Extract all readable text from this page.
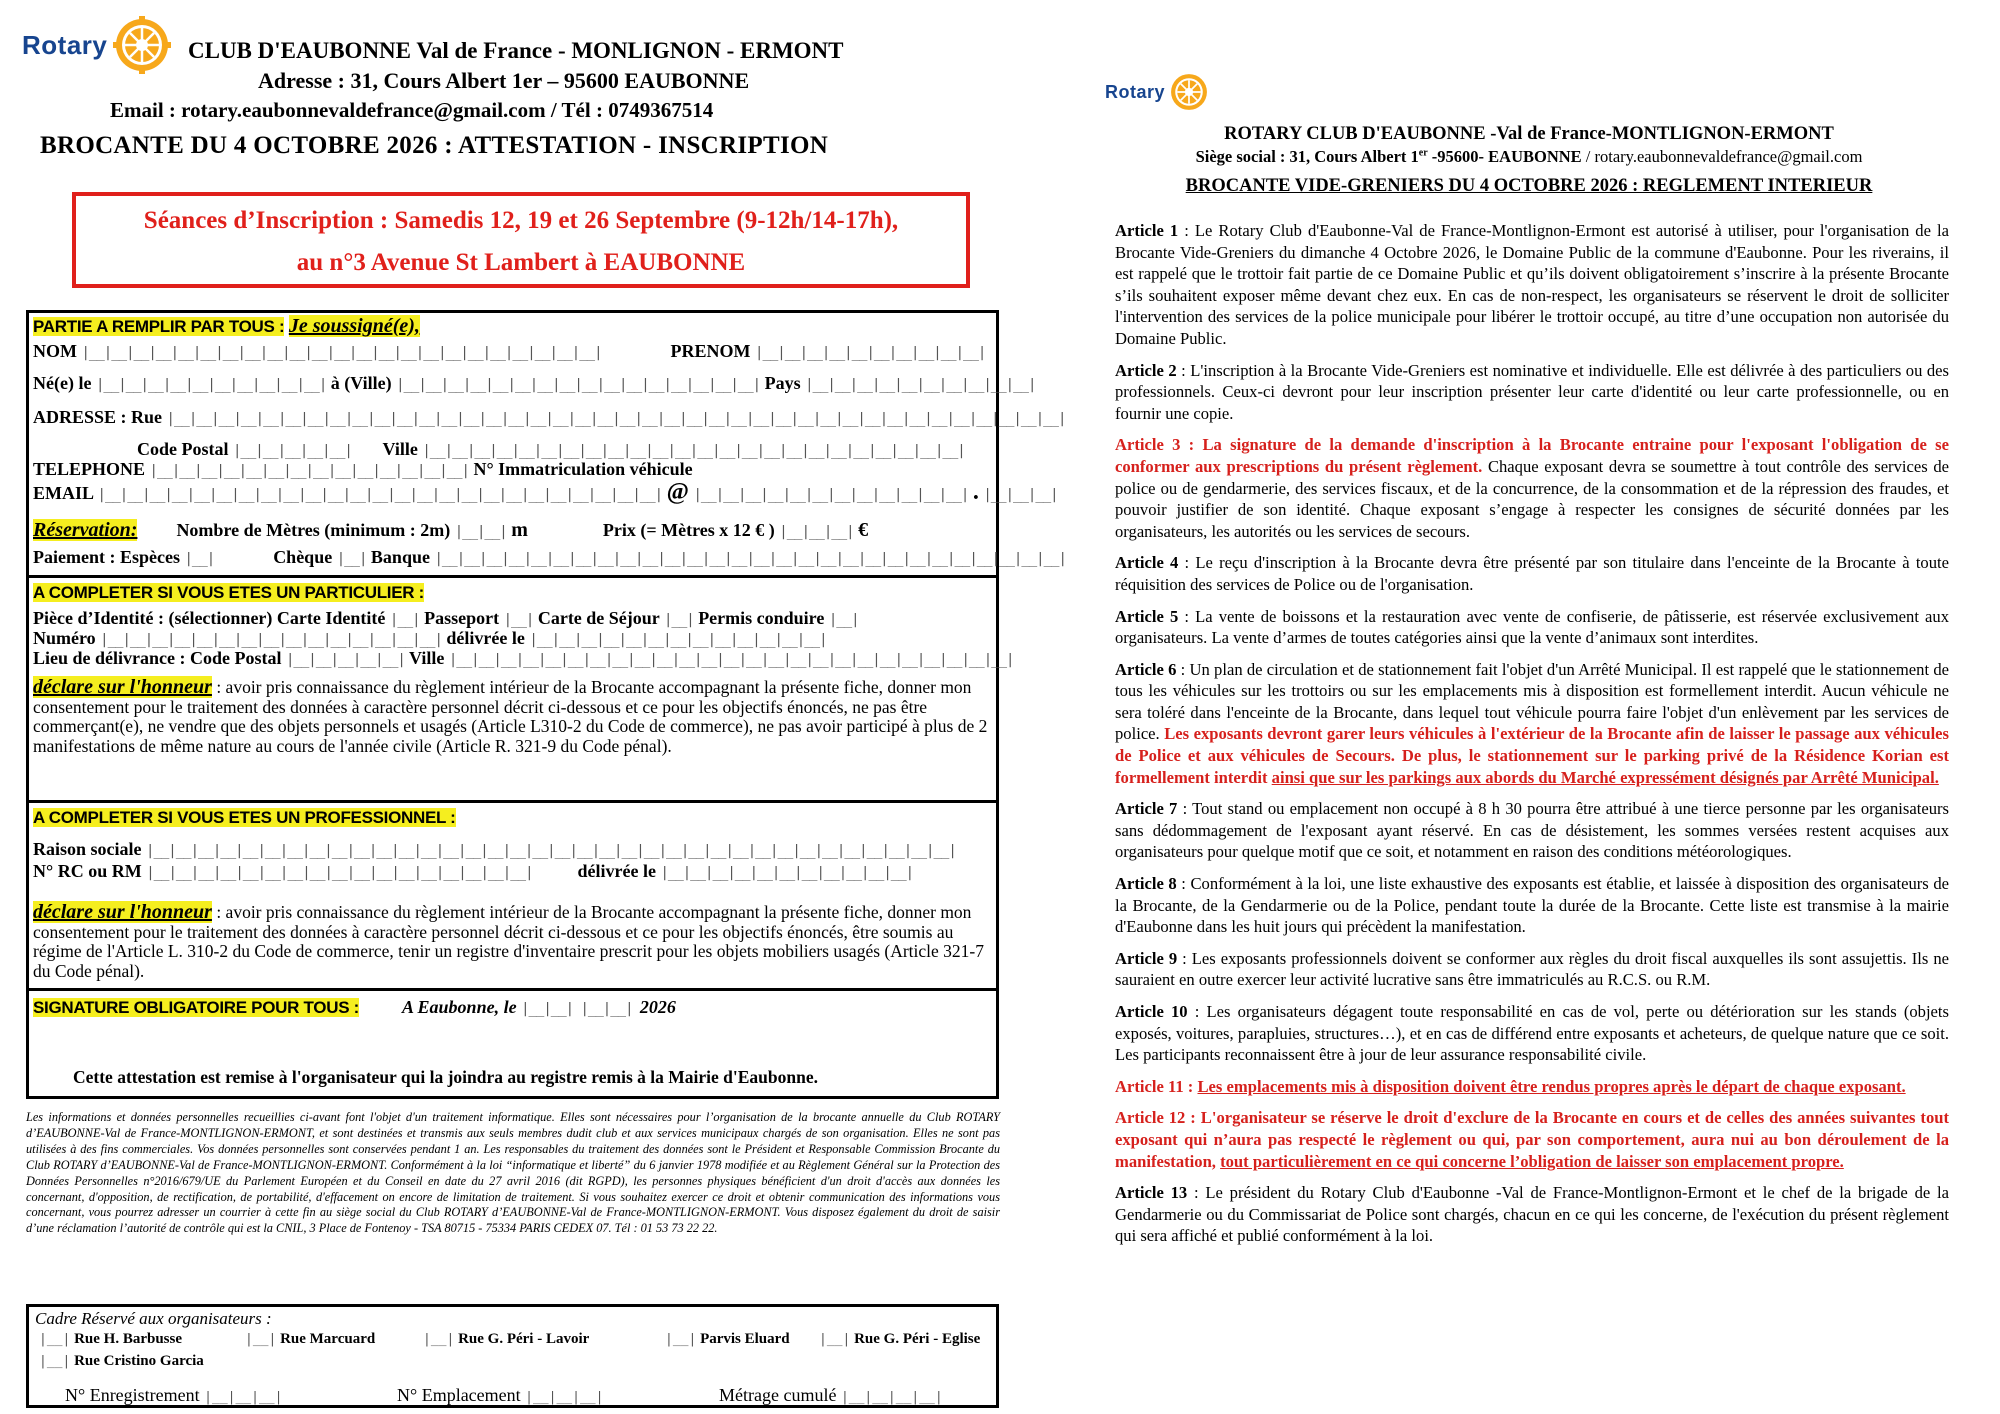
Rotary	CLUB D'EAUBONNE Val de France - MONLIGNON - ERMONT
Adresse : 31, Cours Albert 1er – 95600 EAUBONNE
Email : rotary.eaubonnevaldefrance@gmail.com / Tél : 0749367514
BROCANTE DU 4 OCTOBRE 2026 : ATTESTATION - INSCRIPTION
Séances d’Inscription : Samedis 12, 19 et 26 Septembre (9-12h/14-17h),
au n°3 Avenue St Lambert à EAUBONNE
PARTIE A REMPLIR PAR TOUS : Je soussigné(e),
NOM |__|__|__|__|__|__|__|__|__|__|__|__|__|__|__|__|__|__|__|__|__|__|__|	PRENOM |__|__|__|__|__|__|__|__|__|__|
Né(e) le |__|__|__|__|__|__|__|__|__|__| à (Ville) |__|__|__|__|__|__|__|__|__|__|__|__|__|__|__|__| Pays |__|__|__|__|__|__|__|__|__|__|
ADRESSE : Rue |__|__|__|__|__|__|__|__|__|__|__|__|__|__|__|__|__|__|__|__|__|__|__|__|__|__|__|__|__|__|__|__|__|__|__|__|__|__|__|__|
Code Postal |__|__|__|__|__| Ville |__|__|__|__|__|__|__|__|__|__|__|__|__|__|__|__|__|__|__|__|__|__|__|__|
TELEPHONE |__|__|__|__|__|__|__|__|__|__|__|__|__|__| N° Immatriculation véhicule
EMAIL |__|__|__|__|__|__|__|__|__|__|__|__|__|__|__|__|__|__|__|__|__|__|__|__|__| @ |__|__|__|__|__|__|__|__|__|__|__|__| . |__|__|__|
Réservation: Nombre de Mètres (minimum : 2m) |__|__| m	Prix (= Mètres x 12 € ) |__|__|__| €
Paiement : Espèces |__|	Chèque |__| Banque |__|__|__|__|__|__|__|__|__|__|__|__|__|__|__|__|__|__|__|__|__|__|__|__|__|__|__|__|
A COMPLETER SI VOUS ETES UN PARTICULIER :
Pièce d’Identité : (sélectionner) Carte Identité |__| Passeport |__| Carte de Séjour |__| Permis conduire |__|
Numéro |__|__|__|__|__|__|__|__|__|__|__|__|__|__|__| délivrée le |__|__|__|__|__|__|__|__|__|__|__|__|__|
Lieu de délivrance : Code Postal |__|__|__|__|__| Ville |__|__|__|__|__|__|__|__|__|__|__|__|__|__|__|__|__|__|__|__|__|__|__|__|__|
déclare sur l'honneur : avoir pris connaissance du règlement intérieur de la Brocante accompagnant la présente fiche, donner mon consentement pour le traitement des données à caractère personnel décrit ci-dessous et ce pour les objectifs énoncés, ne pas être commerçant(e), ne vendre que des objets personnels et usagés (Article L310-2 du Code de commerce), ne pas avoir participé à plus de 2 manifestations de même nature au cours de l'année civile (Article R. 321-9 du Code pénal).
A COMPLETER SI VOUS ETES UN PROFESSIONNEL :
Raison sociale |__|__|__|__|__|__|__|__|__|__|__|__|__|__|__|__|__|__|__|__|__|__|__|__|__|__|__|__|__|__|__|__|__|__|__|__|
N° RC ou RM |__|__|__|__|__|__|__|__|__|__|__|__|__|__|__|__|__|	délivrée le |__|__|__|__|__|__|__|__|__|__|__|
déclare sur l'honneur : avoir pris connaissance du règlement intérieur de la Brocante accompagnant la présente fiche, donner mon consentement pour le traitement des données à caractère personnel décrit ci-dessous et ce pour les objectifs énoncés, être soumis au régime de l'Article L. 310-2 du Code de commerce, tenir un registre d'inventaire prescrit pour les objets mobiliers usagés (Article 321-7 du Code pénal).
SIGNATURE OBLIGATOIRE POUR TOUS : A Eaubonne, le |__|__| |__|__| 2026
Cette attestation est remise à l'organisateur qui la joindra au registre remis à la Mairie d'Eaubonne.
Les informations et données personnelles recueillies ci-avant font l'objet d'un traitement informatique. Elles sont nécessaires pour l’organisation de la brocante annuelle du Club ROTARY d’EAUBONNE-Val de France-MONTLIGNON-ERMONT, et sont destinées et transmis aux seuls membres dudit club et aux services municipaux chargés de son organisation. Elles ne sont pas utilisées à des fins commerciales. Vos données personnelles sont conservées pendant 1 an. Les responsables du traitement des données sont le Président et Responsable Commission Brocante du Club ROTARY d’EAUBONNE-Val de France-MONTLIGNON-ERMONT. Conformément à la loi “informatique et liberté” du 6 janvier 1978 modifiée et au Règlement Général sur la Protection des Données Personnelles n°2016/679/UE du Parlement Européen et du Conseil en date du 27 avril 2016 (dit RGPD), les personnes physiques bénéficient d'un droit d'accès aux données les concernant, d'opposition, de rectification, de portabilité, d'effacement on encore de limitation de traitement. Si vous souhaitez exercer ce droit et obtenir communication des informations vous concernant, vous pourrez adresser un courrier à cette fin au siège social du Club ROTARY d’EAUBONNE-Val de France-MONTLIGNON-ERMONT. Vous disposez également du droit de saisir d’une réclamation l’autorité de contrôle qui est la CNIL, 3 Place de Fontenoy - TSA 80715 - 75334 PARIS CEDEX 07. Tél : 01 53 73 22 22.
Cadre Réservé aux organisateurs :
|__| Rue H. Barbusse	|__| Rue Marcuard	|__| Rue G. Péri - Lavoir	|__| Parvis Eluard |__| Rue G. Péri - Eglise
|__| Rue Cristino Garcia
N° Enregistrement |__|__|__|	N° Emplacement |__|__|__|	Métrage cumulé |__|__|__|__|
Rotary
ROTARY CLUB D'EAUBONNE -Val de France-MONTLIGNON-ERMONT
Siège social : 31, Cours Albert 1er -95600- EAUBONNE / rotary.eaubonnevaldefrance@gmail.com
BROCANTE VIDE-GRENIERS DU 4 OCTOBRE 2026 : REGLEMENT INTERIEUR

Article 1 : Le Rotary Club d'Eaubonne-Val de France-Montlignon-Ermont est autorisé à utiliser, pour l'organisation de la Brocante Vide-Greniers du dimanche 4 Octobre 2026, le Domaine Public de la commune d'Eaubonne. Pour les riverains, il est rappelé que le trottoir fait partie de ce Domaine Public et qu’ils doivent obligatoirement s’inscrire à la présente Brocante s’ils souhaitent exposer même devant chez eux. En cas de non-respect, les organisateurs se réservent le droit de solliciter l'intervention des services de la police municipale pour libérer le trottoir occupé, au titre d’une occupation non autorisée du Domaine Public.

Article 2 : L'inscription à la Brocante Vide-Greniers est nominative et individuelle. Elle est délivrée à des particuliers ou des professionnels. Ceux-ci devront pour leur inscription présenter leur carte d'identité ou leur carte professionnelle, ou en fournir une copie.

Article 3 : La signature de la demande d'inscription à la Brocante entraine pour l'exposant l'obligation de se conformer aux prescriptions du présent règlement. Chaque exposant devra se soumettre à tout contrôle des services de police ou de gendarmerie, des services fiscaux, et de la concurrence, de la consommation et de la répression des fraudes, et pouvoir justifier de son identité. Chaque exposant s’engage à respecter les consignes de sécurité données par les organisateurs, les autorités ou les services de secours.

Article 4 : Le reçu d'inscription à la Brocante devra être présenté par son titulaire dans l'enceinte de la Brocante à toute réquisition des services de Police ou de l'organisation.

Article 5 : La vente de boissons et la restauration avec vente de confiserie, de pâtisserie, est réservée exclusivement aux organisateurs. La vente d’armes de toutes catégories ainsi que la vente d’animaux sont interdites.

Article 6 : Un plan de circulation et de stationnement fait l'objet d'un Arrêté Municipal. Il est rappelé que le stationnement de tous les véhicules sur les trottoirs ou sur les emplacements mis à disposition est formellement interdit. Aucun véhicule ne sera toléré dans l'enceinte de la Brocante, dans lequel tout véhicule pourra faire l'objet d'un enlèvement par les services de police. Les exposants devront garer leurs véhicules à l'extérieur de la Brocante afin de laisser le passage aux véhicules de Police et aux véhicules de Secours. De plus, le stationnement sur le parking privé de la Résidence Korian est formellement interdit ainsi que sur les parkings aux abords du Marché expressément désignés par Arrêté Municipal.

Article 7 : Tout stand ou emplacement non occupé à 8 h 30 pourra être attribué à une tierce personne par les organisateurs sans dédommagement de l'exposant ayant réservé. En cas de désistement, les sommes versées restent acquises aux organisateurs pour quelque motif que ce soit, et notamment en raison des conditions météorologiques.

Article 8 : Conformément à la loi, une liste exhaustive des exposants est établie, et laissée à disposition des organisateurs de la Brocante, de la Gendarmerie ou de la Police, pendant toute la durée de la Brocante. Cette liste est transmise à la mairie d'Eaubonne dans les huit jours qui précèdent la manifestation.

Article 9 : Les exposants professionnels doivent se conformer aux règles du droit fiscal auxquelles ils sont assujettis. Ils ne sauraient en outre exercer leur activité lucrative sans être immatriculés au R.C.S. ou R.M.

Article 10 : Les organisateurs dégagent toute responsabilité en cas de vol, perte ou détérioration sur les stands (objets exposés, voitures, parapluies, structures…), et en cas de différend entre exposants et acheteurs, de quelque nature que ce soit. Les participants reconnaissent être à jour de leur assurance responsabilité civile.

Article 11 : Les emplacements mis à disposition doivent être rendus propres après le départ de chaque exposant.

Article 12 : L'organisateur se réserve le droit d'exclure de la Brocante en cours et de celles des années suivantes tout exposant qui n’aura pas respecté le règlement ou qui, par son comportement, aura nui au bon déroulement de la manifestation, tout particulièrement en ce qui concerne l’obligation de laisser son emplacement propre.

Article 13 : Le président du Rotary Club d'Eaubonne -Val de France-Montlignon-Ermont et le chef de la brigade de la Gendarmerie ou du Commissariat de Police sont chargés, chacun en ce qui les concerne, de l'exécution du présent règlement qui sera affiché et publié conformément à la loi.
